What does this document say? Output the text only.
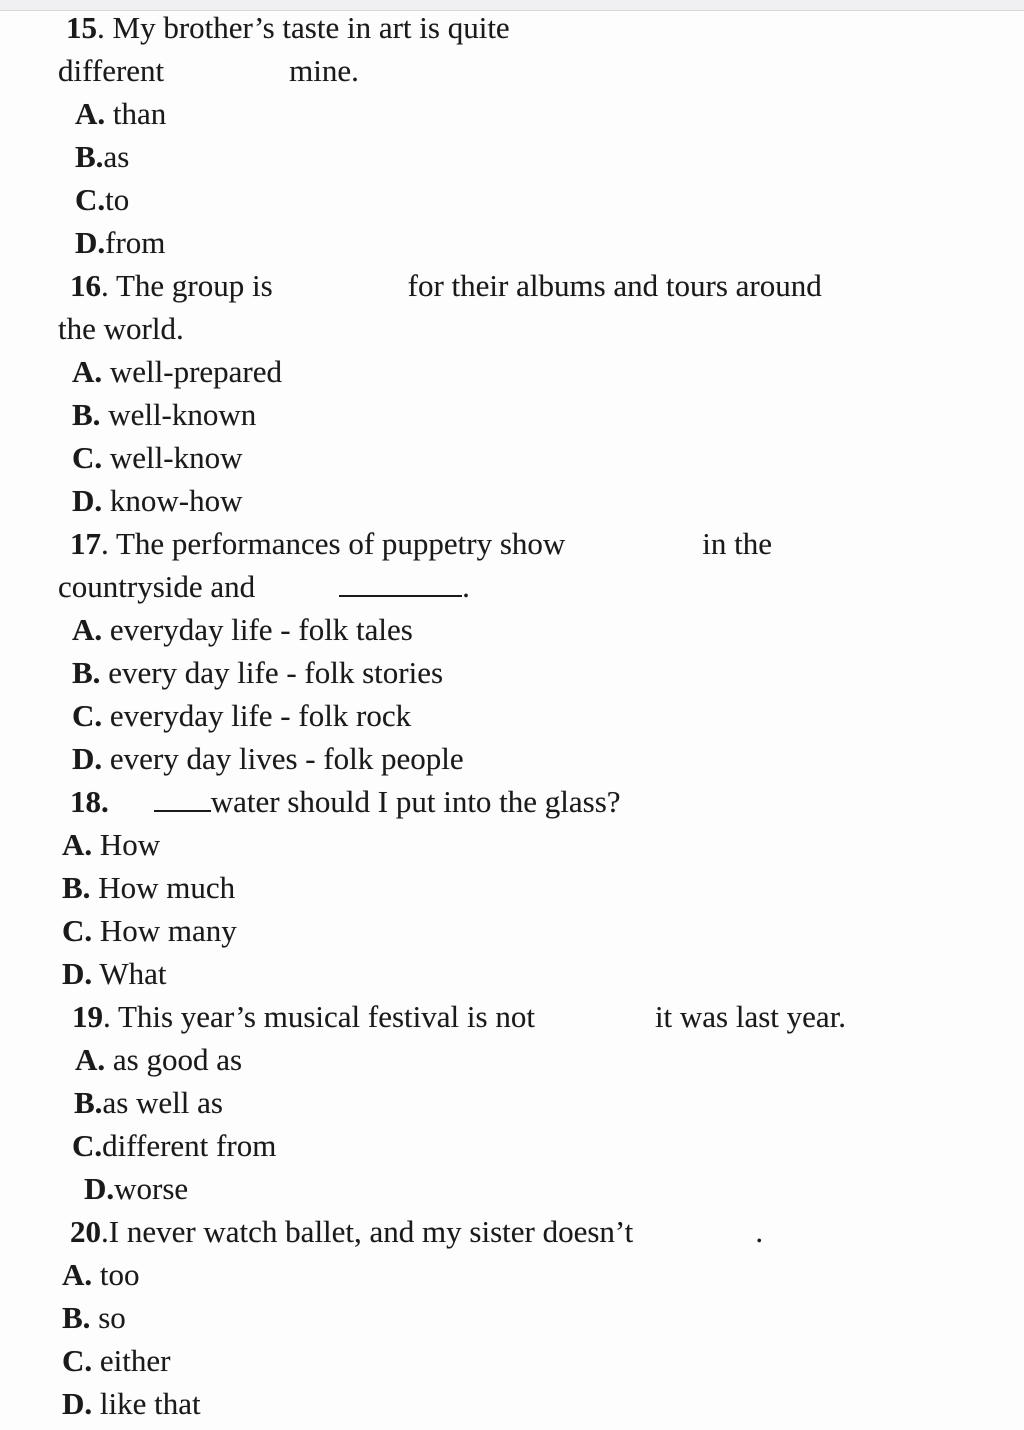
15. My brother’s taste in art is quite
different	mine.
A. than
B.as
C.to
D.from
16. The group is	for their albums and tours around
the world.
A. well-prepared
B. well-known
C. well-know
D. know-how
17. The performances of puppetry show	in the
countryside and	.
A. everyday life - folk tales
B. every day life - folk stories
C. everyday life - folk rock
D. every day lives - folk people
18.	water should I put into the glass?
A. How
B. How much
C. How many
D. What
19. This year’s musical festival is not	it was last year.
A. as good as
B.as well as
C.different from
D.worse
20.I never watch ballet, and my sister doesn’t	.
A. too
B. so
C. either
D. like that
